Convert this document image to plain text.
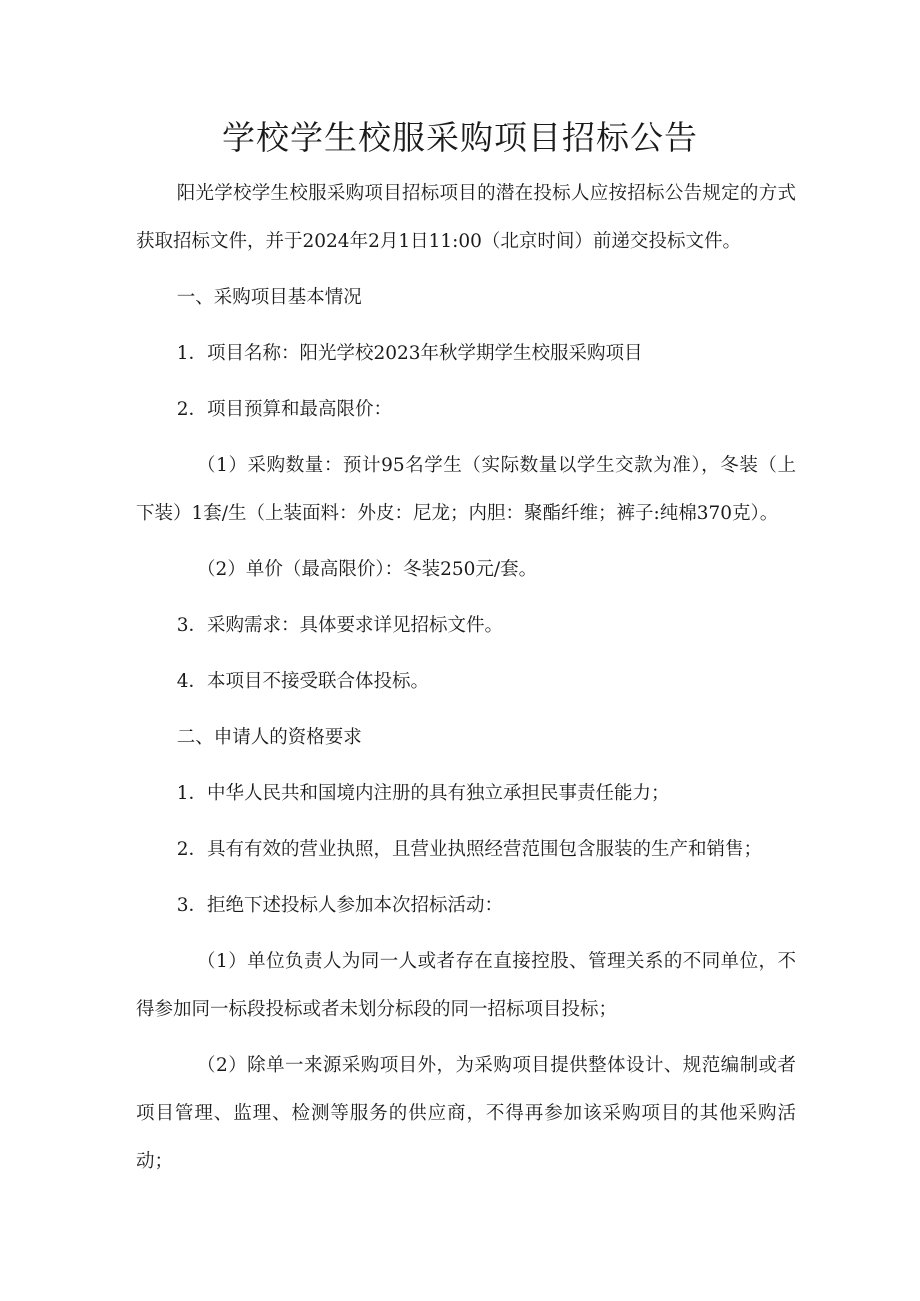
学校学生校服采购项目招标公告

阳光学校学生校服采购项目招标项目的潜在投标人应按招标公告规定的方式获取招标文件，并于2024年2月1日11:00（北京时间）前递交投标文件。

一、采购项目基本情况

1．项目名称：阳光学校2023年秋学期学生校服采购项目

2．项目预算和最高限价：

（1）采购数量：预计95名学生（实际数量以学生交款为准），冬装（上下装）1套/生（上装面料：外皮：尼龙；内胆：聚酯纤维；裤子:纯棉370克）。

（2）单价（最高限价）：冬装250元/套。

3．采购需求：具体要求详见招标文件。

4．本项目不接受联合体投标。

二、申请人的资格要求

1．中华人民共和国境内注册的具有独立承担民事责任能力；

2．具有有效的营业执照，且营业执照经营范围包含服装的生产和销售；

3．拒绝下述投标人参加本次招标活动：

（1）单位负责人为同一人或者存在直接控股、管理关系的不同单位，不得参加同一标段投标或者未划分标段的同一招标项目投标；

（2）除单一来源采购项目外，为采购项目提供整体设计、规范编制或者项目管理、监理、检测等服务的供应商，不得再参加该采购项目的其他采购活动；
